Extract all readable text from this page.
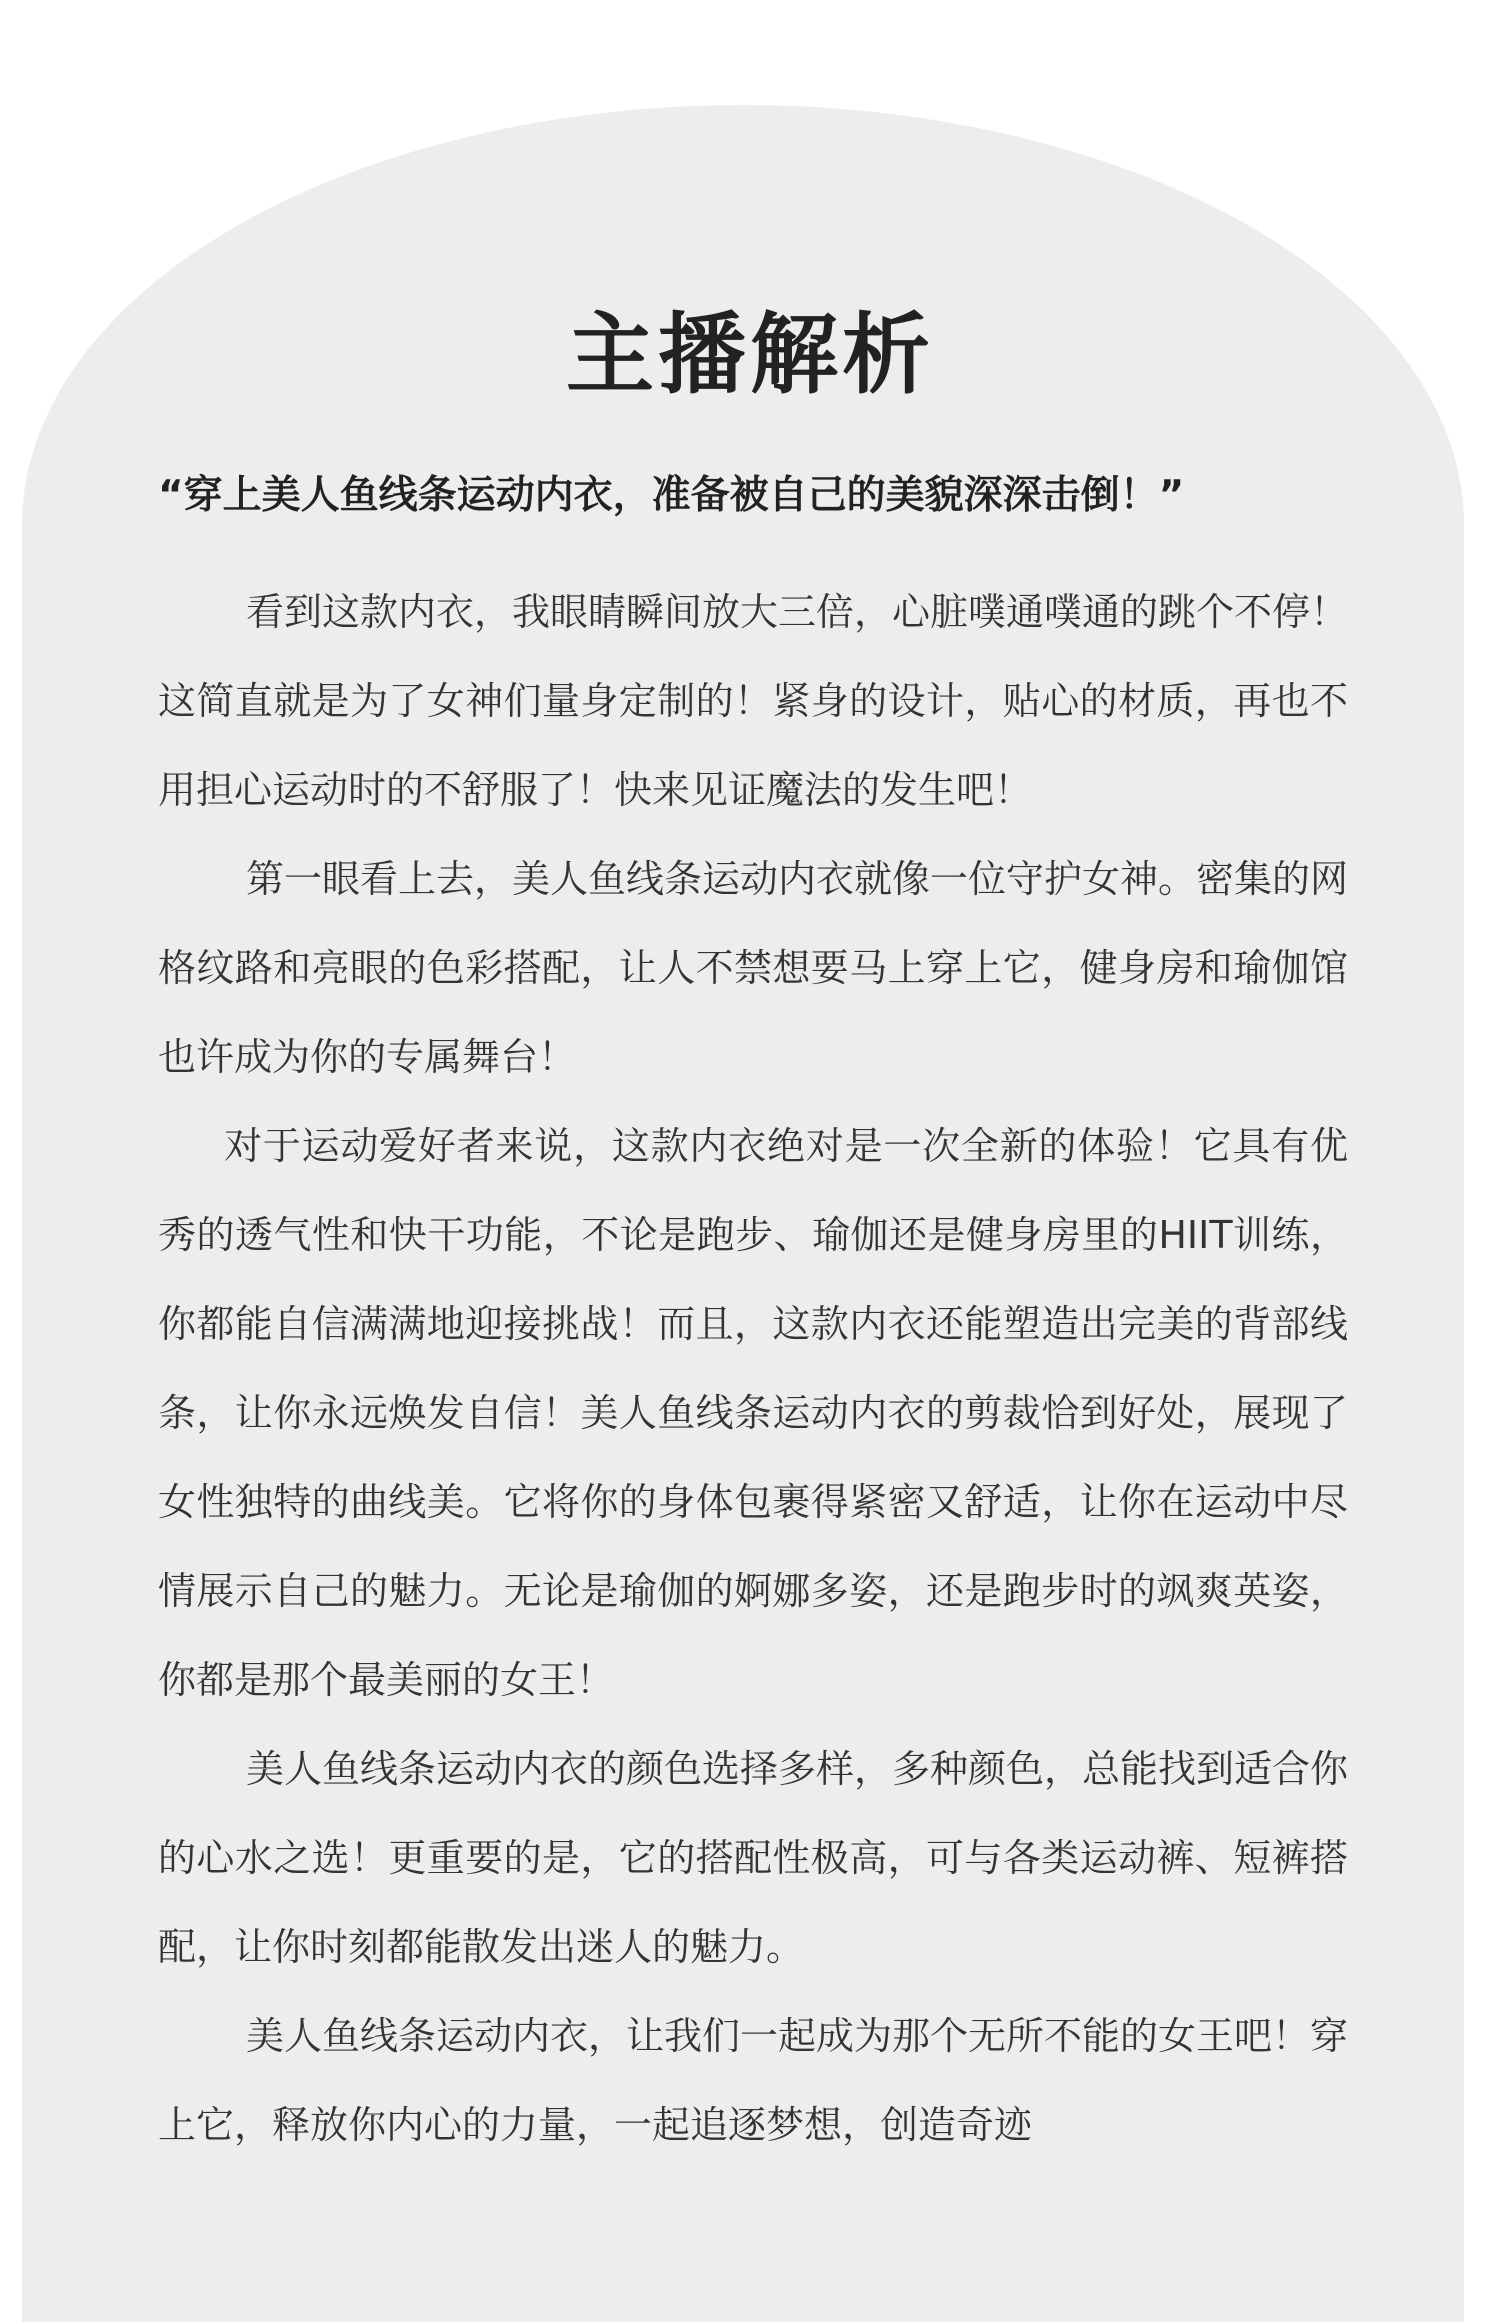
主播解析

“穿上美人鱼线条运动内衣，准备被自己的美貌深深击倒！”

看到这款内衣，我眼睛瞬间放大三倍，心脏噗通噗通的跳个不停！这简直就是为了女神们量身定制的！紧身的设计，贴心的材质，再也不用担心运动时的不舒服了！快来见证魔法的发生吧！

第一眼看上去，美人鱼线条运动内衣就像一位守护女神。密集的网格纹路和亮眼的色彩搭配，让人不禁想要马上穿上它，健身房和瑜伽馆也许成为你的专属舞台！

对于运动爱好者来说，这款内衣绝对是一次全新的体验！它具有优秀的透气性和快干功能，不论是跑步、瑜伽还是健身房里的HIIT训练，你都能自信满满地迎接挑战！而且，这款内衣还能塑造出完美的背部线条，让你永远焕发自信！美人鱼线条运动内衣的剪裁恰到好处，展现了女性独特的曲线美。它将你的身体包裹得紧密又舒适，让你在运动中尽情展示自己的魅力。无论是瑜伽的婀娜多姿，还是跑步时的飒爽英姿，你都是那个最美丽的女王！

美人鱼线条运动内衣的颜色选择多样，多种颜色，总能找到适合你的心水之选！更重要的是，它的搭配性极高，可与各类运动裤、短裤搭配，让你时刻都能散发出迷人的魅力。

美人鱼线条运动内衣，让我们一起成为那个无所不能的女王吧！穿上它，释放你内心的力量，一起追逐梦想，创造奇迹
